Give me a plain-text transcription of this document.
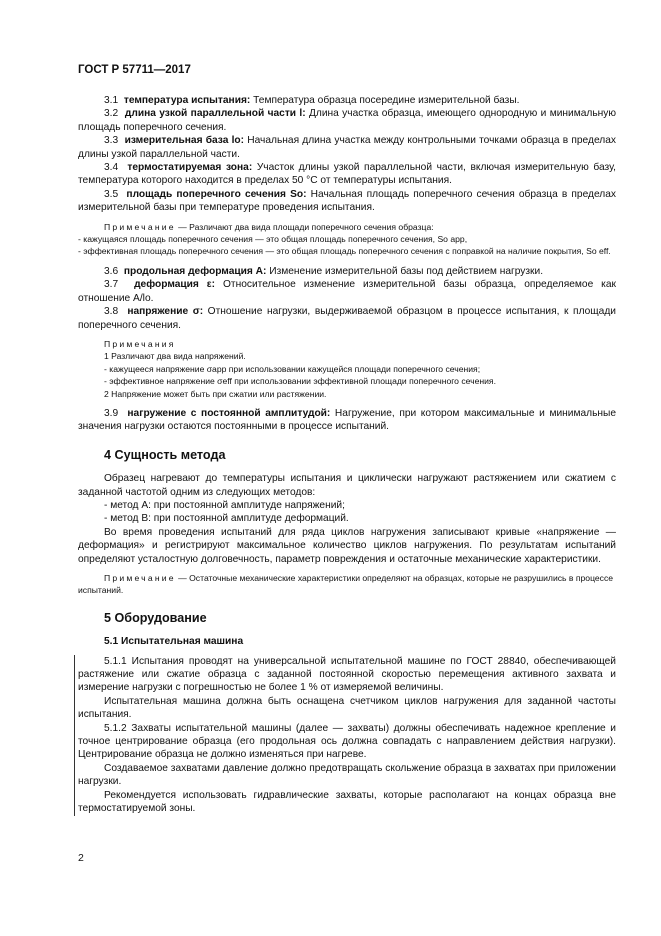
ГОСТ Р 57711—2017

3.1 температура испытания: Температура образца посередине измерительной базы.

3.2 длина узкой параллельной части l: Длина участка образца, имеющего однородную и минимальную площадь поперечного сечения.

3.3 измерительная база lo: Начальная длина участка между контрольными точками образца в пределах длины узкой параллельной части.

3.4 термостатируемая зона: Участок длины узкой параллельной части, включая измерительную базу, температура которого находится в пределах 50 °С от температуры испытания.

3.5 площадь поперечного сечения So: Начальная площадь поперечного сечения образца в пределах измерительной базы при температуре проведения испытания.

Примечание — Различают два вида площади поперечного сечения образца:

- кажущаяся площадь поперечного сечения — это общая площадь поперечного сечения, So app,

- эффективная площадь поперечного сечения — это общая площадь поперечного сечения с поправкой на наличие покрытия, So eff.

3.6 продольная деформация A: Изменение измерительной базы под действием нагрузки.

3.7 деформация ε: Относительное изменение измерительной базы образца, определяемое как отношение A/lo.

3.8 напряжение σ: Отношение нагрузки, выдерживаемой образцом в процессе испытания, к площади поперечного сечения.

Примечания

1 Различают два вида напряжений.

- кажущееся напряжение σapp при использовании кажущейся площади поперечного сечения;

- эффективное напряжение σeff при использовании эффективной площади поперечного сечения.

2 Напряжение может быть при сжатии или растяжении.

3.9 нагружение с постоянной амплитудой: Нагружение, при котором максимальные и минимальные значения нагрузки остаются постоянными в процессе испытаний.

4 Сущность метода

Образец нагревают до температуры испытания и циклически нагружают растяжением или сжатием с заданной частотой одним из следующих методов:

- метод А: при постоянной амплитуде напряжений;

- метод В: при постоянной амплитуде деформаций.

Во время проведения испытаний для ряда циклов нагружения записывают кривые «напряжение — деформация» и регистрируют максимальное количество циклов нагружения. По результатам испытаний определяют усталостную долговечность, параметр повреждения и остаточные механические характеристики.

Примечание — Остаточные механические характеристики определяют на образцах, которые не разрушились в процессе испытаний.

5 Оборудование
5.1 Испытательная машина

5.1.1 Испытания проводят на универсальной испытательной машине по ГОСТ 28840, обеспечивающей растяжение или сжатие образца с заданной постоянной скоростью перемещения активного захвата и измерение нагрузки с погрешностью не более 1 % от измеряемой величины.

Испытательная машина должна быть оснащена счетчиком циклов нагружения для заданной частоты испытания.

5.1.2 Захваты испытательной машины (далее — захваты) должны обеспечивать надежное крепление и точное центрирование образца (его продольная ось должна совпадать с направлением действия нагрузки). Центрирование образца не должно изменяться при нагреве.

Создаваемое захватами давление должно предотвращать скольжение образца в захватах при приложении нагрузки.

Рекомендуется использовать гидравлические захваты, которые располагают на концах образца вне термостатируемой зоны.

2
